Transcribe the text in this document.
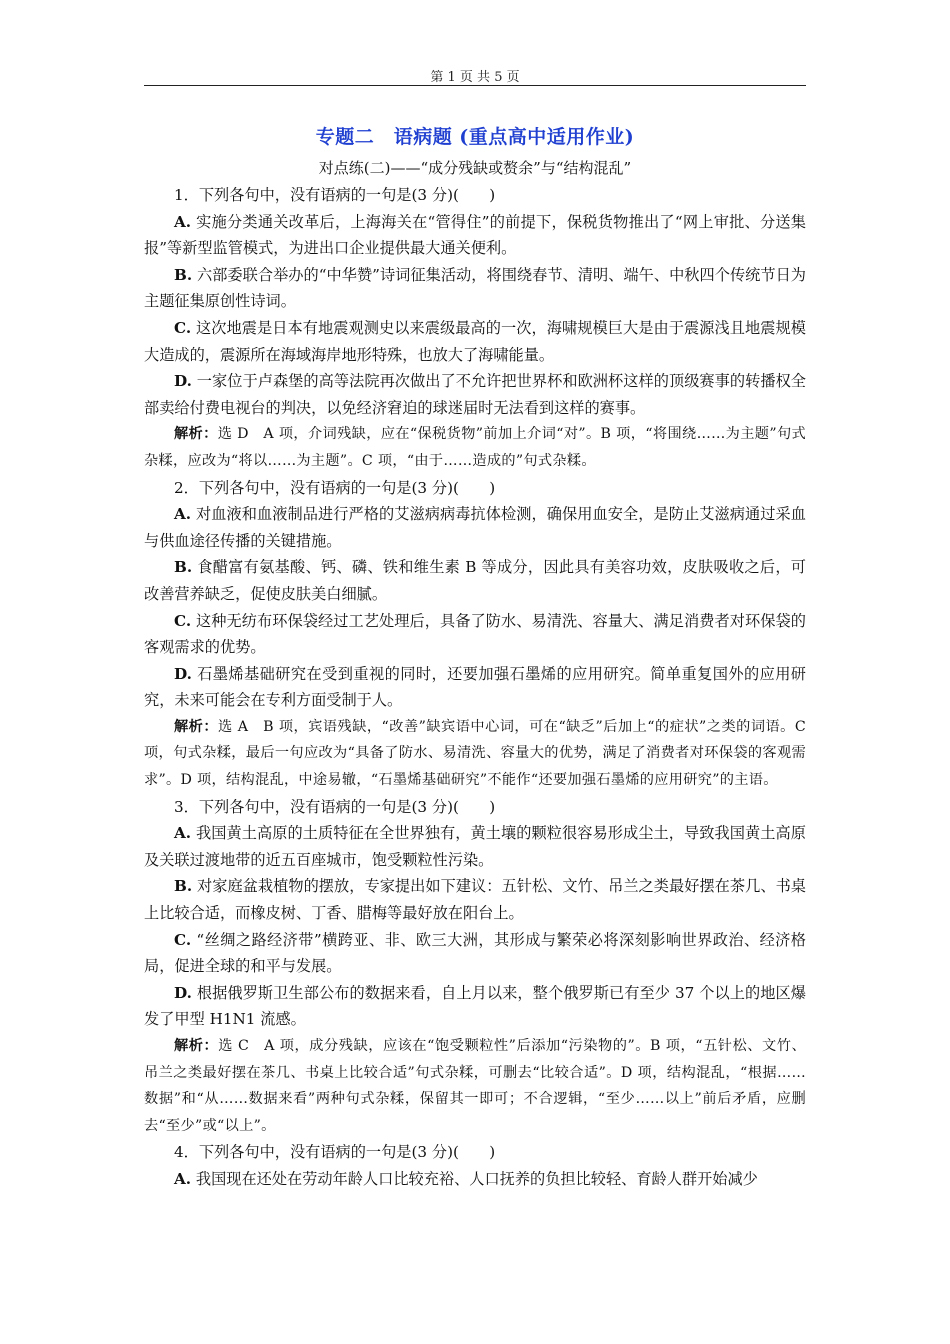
第 1 页 共 5 页
专题二　语病题 (重点高中适用作业)
对点练(二)——“成分残缺或赘余”与“结构混乱”

1．下列各句中，没有语病的一句是(3 分)(　　)

A. 实施分类通关改革后，上海海关在“管得住”的前提下，保税货物推出了“网上审批、分送集报”等新型监管模式，为进出口企业提供最大通关便利。

B. 六部委联合举办的“中华赞”诗词征集活动，将围绕春节、清明、端午、中秋四个传统节日为主题征集原创性诗词。

C. 这次地震是日本有地震观测史以来震级最高的一次，海啸规模巨大是由于震源浅且地震规模大造成的，震源所在海域海岸地形特殊，也放大了海啸能量。

D. 一家位于卢森堡的高等法院再次做出了不允许把世界杯和欧洲杯这样的顶级赛事的转播权全部卖给付费电视台的判决，以免经济窘迫的球迷届时无法看到这样的赛事。

解析：选 D　A 项，介词残缺，应在“保税货物”前加上介词“对”。B 项，“将围绕……为主题”句式杂糅，应改为“将以……为主题”。C 项，“由于……造成的”句式杂糅。

2．下列各句中，没有语病的一句是(3 分)(　　)

A. 对血液和血液制品进行严格的艾滋病病毒抗体检测，确保用血安全，是防止艾滋病通过采血与供血途径传播的关键措施。

B. 食醋富有氨基酸、钙、磷、铁和维生素 B 等成分，因此具有美容功效，皮肤吸收之后，可改善营养缺乏，促使皮肤美白细腻。

C. 这种无纺布环保袋经过工艺处理后，具备了防水、易清洗、容量大、满足消费者对环保袋的客观需求的优势。

D. 石墨烯基础研究在受到重视的同时，还要加强石墨烯的应用研究。简单重复国外的应用研究，未来可能会在专利方面受制于人。

解析：选 A　B 项，宾语残缺，“改善”缺宾语中心词，可在“缺乏”后加上“的症状”之类的词语。C 项，句式杂糅，最后一句应改为“具备了防水、易清洗、容量大的优势，满足了消费者对环保袋的客观需求”。D 项，结构混乱，中途易辙，“石墨烯基础研究”不能作“还要加强石墨烯的应用研究”的主语。

3．下列各句中，没有语病的一句是(3 分)(　　)

A. 我国黄土高原的土质特征在全世界独有，黄土壤的颗粒很容易形成尘土，导致我国黄土高原及关联过渡地带的近五百座城市，饱受颗粒性污染。

B. 对家庭盆栽植物的摆放，专家提出如下建议：五针松、文竹、吊兰之类最好摆在茶几、书桌上比较合适，而橡皮树、丁香、腊梅等最好放在阳台上。

C. “丝绸之路经济带”横跨亚、非、欧三大洲，其形成与繁荣必将深刻影响世界政治、经济格局，促进全球的和平与发展。

D. 根据俄罗斯卫生部公布的数据来看，自上月以来，整个俄罗斯已有至少 37 个以上的地区爆发了甲型 H1N1 流感。

解析：选 C　A 项，成分残缺，应该在“饱受颗粒性”后添加“污染物的”。B 项，“五针松、文竹、吊兰之类最好摆在茶几、书桌上比较合适”句式杂糅，可删去“比较合适”。D 项，结构混乱，“根据……数据”和“从……数据来看”两种句式杂糅，保留其一即可；不合逻辑，“至少……以上”前后矛盾，应删去“至少”或“以上”。

4．下列各句中，没有语病的一句是(3 分)(　　)

A. 我国现在还处在劳动年龄人口比较充裕、人口抚养的负担比较轻、育龄人群开始减少
